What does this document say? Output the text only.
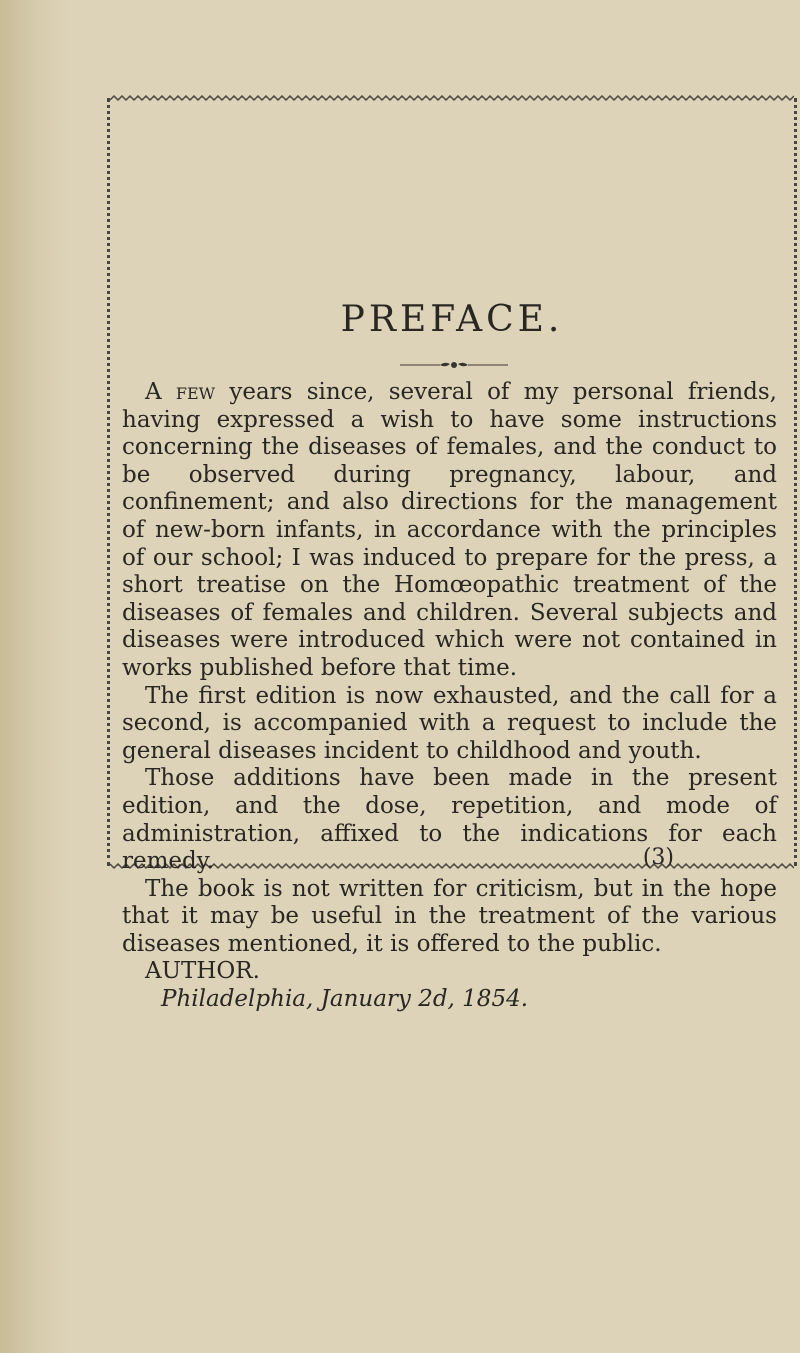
PREFACE.

A few years since, several of my personal friends, having expressed a wish to have some instructions concerning the diseases of females, and the conduct to be observed during pregnancy, labour, and confinement; and also directions for the management of new-born infants, in accordance with the principles of our school; I was induced to prepare for the press, a short treatise on the Homœopathic treatment of the diseases of females and children. Several subjects and diseases were introduced which were not contained in works published before that time.

The first edition is now exhausted, and the call for a second, is accompanied with a request to include the general diseases incident to childhood and youth.

Those additions have been made in the present edition, and the dose, repetition, and mode of administration, affixed to the indications for each remedy.

The book is not written for criticism, but in the hope that it may be useful in the treatment of the various diseases mentioned, it is offered to the public.

AUTHOR.

Philadelphia, January 2d, 1854.

(3)
